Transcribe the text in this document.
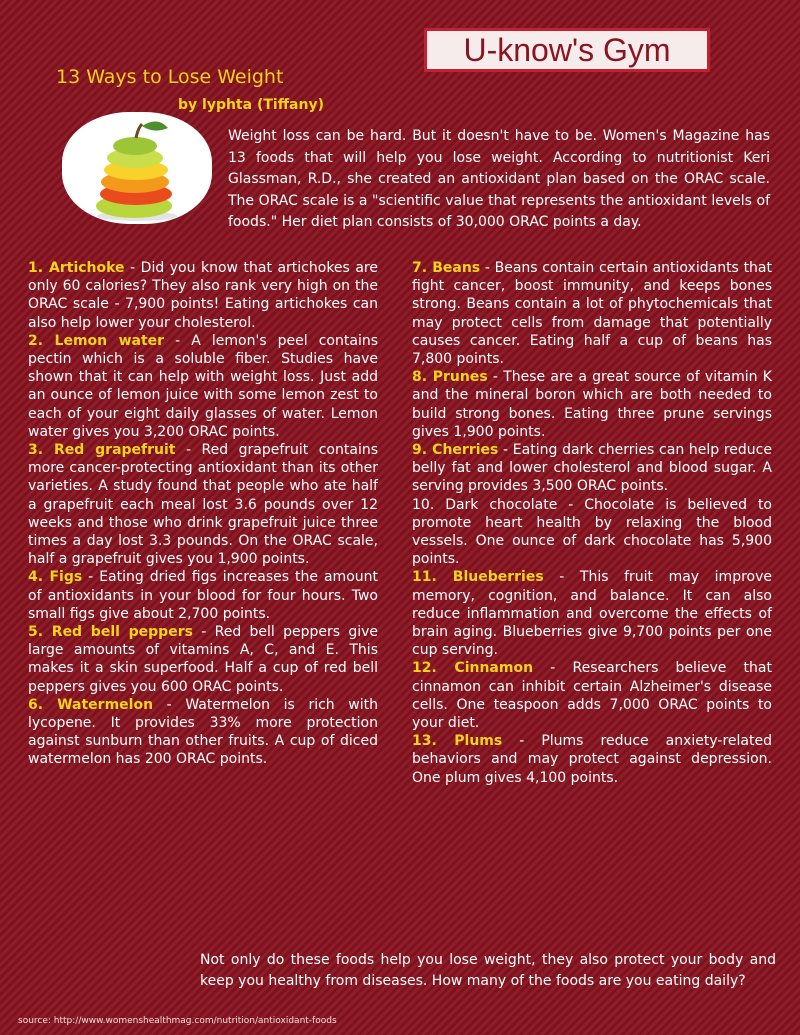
U-know's Gym
13 Ways to Lose Weight
by lyphta (Tiffany)
Weight loss can be hard. But it doesn't have to be. Women's Magazine has 13 foods that will help you lose weight. According to nutritionist Keri Glassman, R.D., she created an antioxidant plan based on the ORAC scale. The ORAC scale is a "scientific value that represents the antioxidant levels of foods." Her diet plan consists of 30,000 ORAC points a day.

1. Artichoke - Did you know that artichokes are only 60 calories? They also rank very high on the ORAC scale - 7,900 points! Eating artichokes can also help lower your cholesterol.

2. Lemon water - A lemon's peel contains pectin which is a soluble fiber. Studies have shown that it can help with weight loss. Just add an ounce of lemon juice with some lemon zest to each of your eight daily glasses of water. Lemon water gives you 3,200 ORAC points.

3. Red grapefruit - Red grapefruit contains more cancer-protecting antioxidant than its other varieties. A study found that people who ate half a grapefruit each meal lost 3.6 pounds over 12 weeks and those who drink grapefruit juice three times a day lost 3.3 pounds. On the ORAC scale, half a grapefruit gives you 1,900 points.

4. Figs - Eating dried figs increases the amount of antioxidants in your blood for four hours. Two small figs give about 2,700 points.

5. Red bell peppers - Red bell peppers give large amounts of vitamins A, C, and E. This makes it a skin superfood. Half a cup of red bell peppers gives you 600 ORAC points.

6. Watermelon - Watermelon is rich with lycopene. It provides 33% more protection against sunburn than other fruits. A cup of diced watermelon has 200 ORAC points.

7. Beans - Beans contain certain antioxidants that fight cancer, boost immunity, and keeps bones strong. Beans contain a lot of phytochemicals that may protect cells from damage that potentially causes cancer. Eating half a cup of beans has 7,800 points.

8. Prunes - These are a great source of vitamin K and the mineral boron which are both needed to build strong bones. Eating three prune servings gives 1,900 points.

9. Cherries - Eating dark cherries can help reduce belly fat and lower cholesterol and blood sugar. A serving provides 3,500 ORAC points.

10. Dark chocolate - Chocolate is believed to promote heart health by relaxing the blood vessels. One ounce of dark chocolate has 5,900 points.

11. Blueberries - This fruit may improve memory, cognition, and balance. It can also reduce inflammation and overcome the effects of brain aging. Blueberries give 9,700 points per one cup serving.

12. Cinnamon - Researchers believe that cinnamon can inhibit certain Alzheimer's disease cells. One teaspoon adds 7,000 ORAC points to your diet.

13. Plums - Plums reduce anxiety-related behaviors and may protect against depression. One plum gives 4,100 points.

Not only do these foods help you lose weight, they also protect your body and keep you healthy from diseases. How many of the foods are you eating daily?
source: http://www.womenshealthmag.com/nutrition/antioxidant-foods
